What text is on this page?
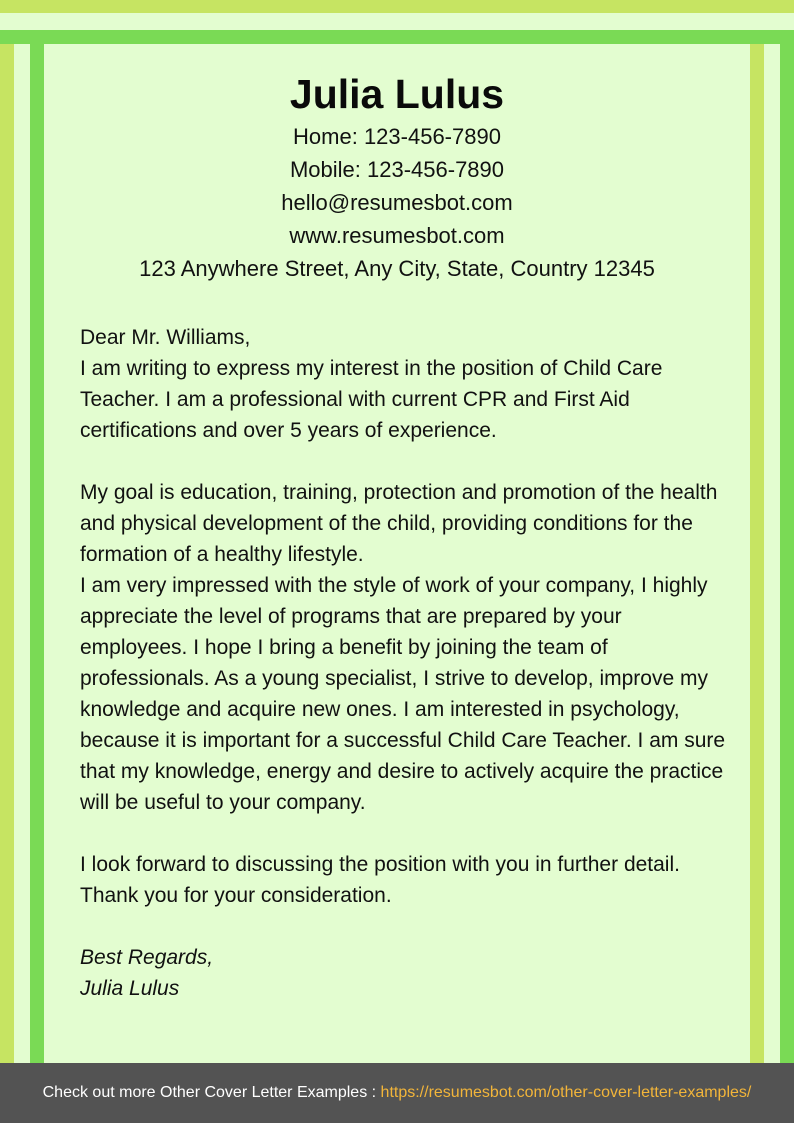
Julia Lulus
Home: 123-456-7890
Mobile: 123-456-7890
hello@resumesbot.com
www.resumesbot.com
123 Anywhere Street, Any City, State, Country 12345

Dear Mr. Williams,

I am writing to express my interest in the position of Child Care Teacher. I am a professional with current CPR and First Aid certifications and over 5 years of experience.

My goal is education, training, protection and promotion of the health and physical development of the child, providing conditions for the formation of a healthy lifestyle.

I am very impressed with the style of work of your company, I highly appreciate the level of programs that are prepared by your employees. I hope I bring a benefit by joining the team of professionals. As a young specialist, I strive to develop, improve my knowledge and acquire new ones. I am interested in psychology, because it is important for a successful Child Care Teacher. I am sure that my knowledge, energy and desire to actively acquire the practice will be useful to your company.

I look forward to discussing the position with you in further detail. Thank you for your consideration.

Best Regards,

Julia Lulus

Check out more Other Cover Letter Examples : https://resumesbot.com/other-cover-letter-examples/
